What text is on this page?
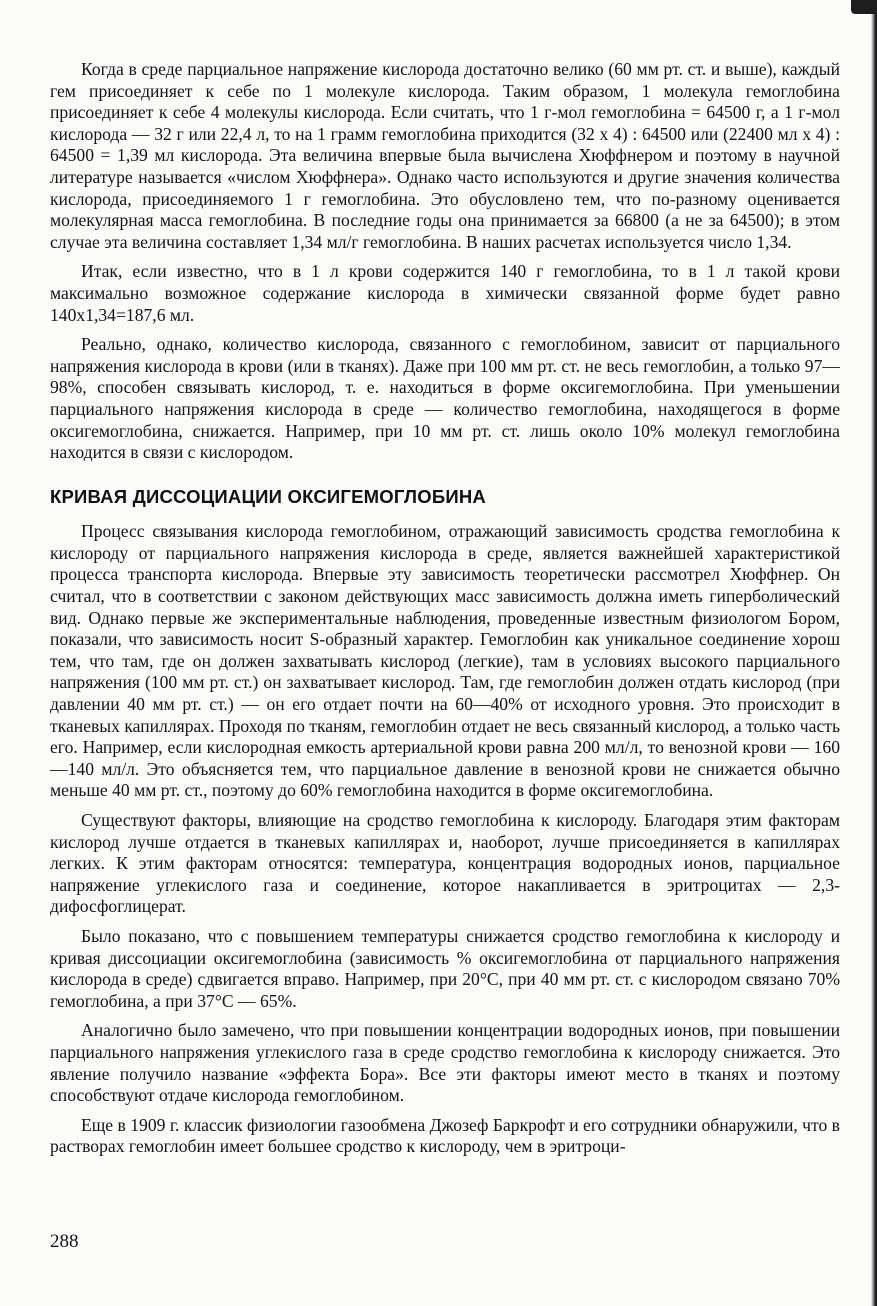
Когда в среде парциальное напряжение кислорода достаточно велико (60 мм рт. ст. и выше), каждый гем присоединяет к себе по 1 молекуле кислорода. Таким образом, 1 молекула гемоглобина присоединяет к себе 4 молекулы кислорода. Если считать, что 1 г-мол гемоглобина = 64500 г, а 1 г-мол кислорода — 32 г или 22,4 л, то на 1 грамм гемоглобина приходится (32 х 4) : 64500 или (22400 мл х 4) : 64500 = 1,39 мл кислорода. Эта величина впервые была вычислена Хюффнером и поэтому в научной литературе называется «числом Хюффнера». Однако часто используются и другие значения количества кислорода, присоединяемого 1 г гемоглобина. Это обусловлено тем, что по-разному оценивается молекулярная масса гемоглобина. В последние годы она принимается за 66800 (а не за 64500); в этом случае эта величина составляет 1,34 мл/г гемоглобина. В наших расчетах используется число 1,34.

Итак, если известно, что в 1 л крови содержится 140 г гемоглобина, то в 1 л такой крови максимально возможное содержание кислорода в химически связанной форме будет равно 140х1,34=187,6 мл.

Реально, однако, количество кислорода, связанного с гемоглобином, зависит от парциального напряжения кислорода в крови (или в тканях). Даже при 100 мм рт. ст. не весь гемоглобин, а только 97—98%, способен связывать кислород, т. е. находиться в форме оксигемоглобина. При уменьшении парциального напряжения кислорода в среде — количество гемоглобина, находящегося в форме оксигемоглобина, снижается. Например, при 10 мм рт. ст. лишь около 10% молекул гемоглобина находится в связи с кислородом.

КРИВАЯ ДИССОЦИАЦИИ ОКСИГЕМОГЛОБИНА

Процесс связывания кислорода гемоглобином, отражающий зависимость сродства гемоглобина к кислороду от парциального напряжения кислорода в среде, является важнейшей характеристикой процесса транспорта кислорода. Впервые эту зависимость теоретически рассмотрел Хюффнер. Он считал, что в соответствии с законом действующих масс зависимость должна иметь гиперболический вид. Однако первые же экспериментальные наблюдения, проведенные известным физиологом Бором, показали, что зависимость носит S-образный характер. Гемоглобин как уникальное соединение хорош тем, что там, где он должен захватывать кислород (легкие), там в условиях высокого парциального напряжения (100 мм рт. ст.) он захватывает кислород. Там, где гемоглобин должен отдать кислород (при давлении 40 мм рт. ст.) — он его отдает почти на 60—40% от исходного уровня. Это происходит в тканевых капиллярах. Проходя по тканям, гемоглобин отдает не весь связанный кислород, а только часть его. Например, если кислородная емкость артериальной крови равна 200 мл/л, то венозной крови — 160—140 мл/л. Это объясняется тем, что парциальное давление в венозной крови не снижается обычно меньше 40 мм рт. ст., поэтому до 60% гемоглобина находится в форме оксигемоглобина.

Существуют факторы, влияющие на сродство гемоглобина к кислороду. Благодаря этим факторам кислород лучше отдается в тканевых капиллярах и, наоборот, лучше присоединяется в капиллярах легких. К этим факторам относятся: температура, концентрация водородных ионов, парциальное напряжение углекислого газа и соединение, которое накапливается в эритроцитах — 2,3-дифосфоглицерат.

Было показано, что с повышением температуры снижается сродство гемоглобина к кислороду и кривая диссоциации оксигемоглобина (зависимость % оксигемоглобина от парциального напряжения кислорода в среде) сдвигается вправо. Например, при 20°С, при 40 мм рт. ст. с кислородом связано 70% гемоглобина, а при 37°С — 65%.

Аналогично было замечено, что при повышении концентрации водородных ионов, при повышении парциального напряжения углекислого газа в среде сродство гемоглобина к кислороду снижается. Это явление получило название «эффекта Бора». Все эти факторы имеют место в тканях и поэтому способствуют отдаче кислорода гемоглобином.

Еще в 1909 г. классик физиологии газообмена Джозеф Баркрофт и его сотрудники обнаружили, что в растворах гемоглобин имеет большее сродство к кислороду, чем в эритроци-

288
